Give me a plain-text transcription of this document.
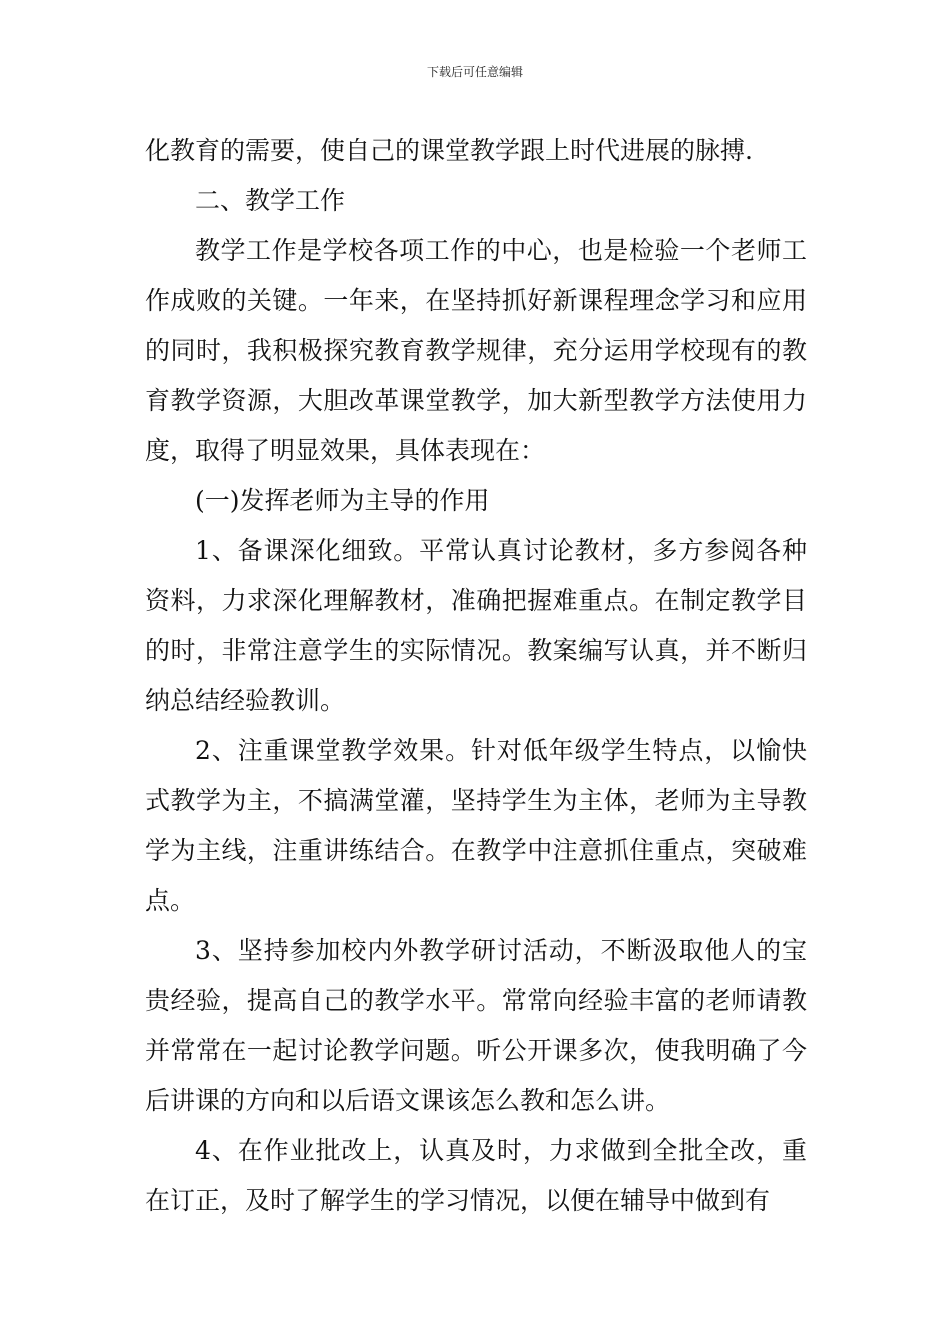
下载后可任意编辑

化教育的需要，使自己的课堂教学跟上时代进展的脉搏.

二、教学工作

教学工作是学校各项工作的中心，也是检验一个老师工作成败的关键。一年来，在坚持抓好新课程理念学习和应用的同时，我积极探究教育教学规律，充分运用学校现有的教育教学资源，大胆改革课堂教学，加大新型教学方法使用力度，取得了明显效果，具体表现在：

(一)发挥老师为主导的作用

1、备课深化细致。平常认真讨论教材，多方参阅各种资料，力求深化理解教材，准确把握难重点。在制定教学目的时，非常注意学生的实际情况。教案编写认真，并不断归纳总结经验教训。

2、注重课堂教学效果。针对低年级学生特点，以愉快式教学为主，不搞满堂灌，坚持学生为主体，老师为主导教学为主线，注重讲练结合。在教学中注意抓住重点，突破难点。

3、坚持参加校内外教学研讨活动，不断汲取他人的宝贵经验，提高自己的教学水平。常常向经验丰富的老师请教并常常在一起讨论教学问题。听公开课多次，使我明确了今后讲课的方向和以后语文课该怎么教和怎么讲。

4、在作业批改上，认真及时，力求做到全批全改，重在订正，及时了解学生的学习情况，以便在辅导中做到有
